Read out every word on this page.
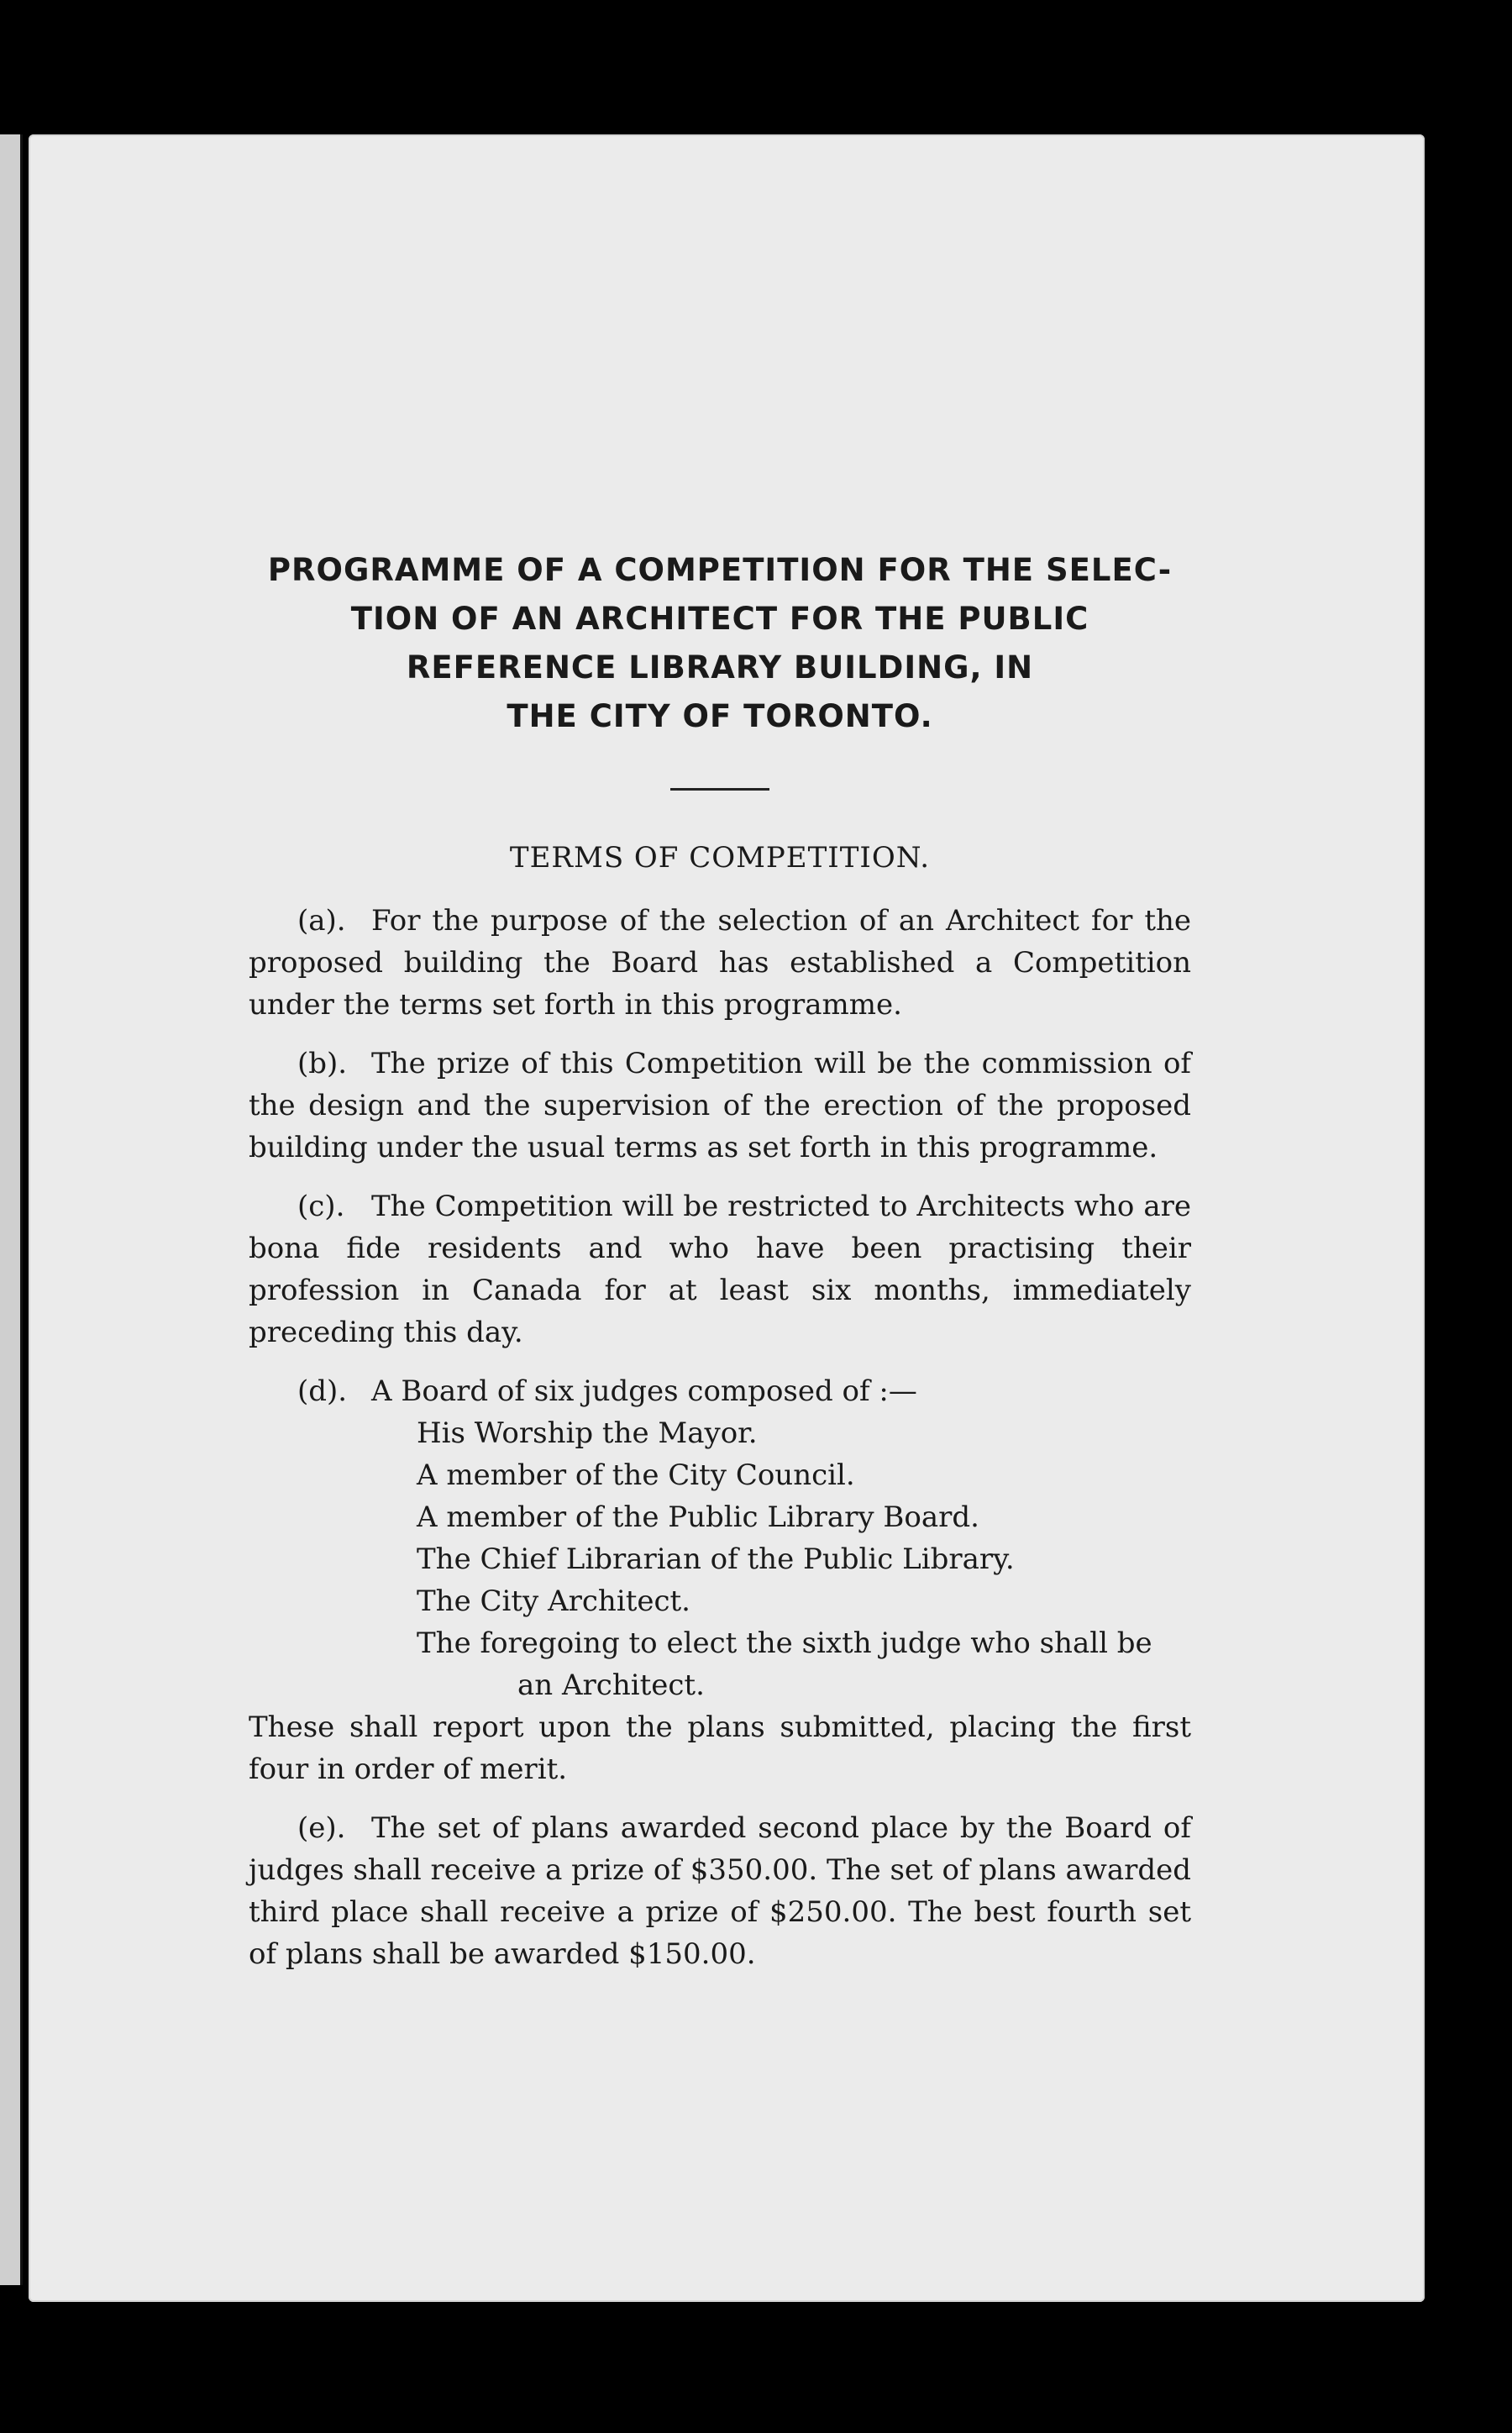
PROGRAMME OF A COMPETITION FOR THE SELEC-
TION OF AN ARCHITECT FOR THE PUBLIC
REFERENCE LIBRARY BUILDING, IN
THE CITY OF TORONTO.

TERMS OF COMPETITION.

(a). For the purpose of the selection of an Architect for the proposed building the Board has established a Competition under the terms set forth in this programme.

(b). The prize of this Competition will be the commission of the design and the supervision of the erection of the proposed building under the usual terms as set forth in this programme.

(c). The Competition will be restricted to Architects who are bona fide residents and who have been practising their profession in Canada for at least six months, immediately preceding this day.

(d). A Board of six judges composed of :—
His Worship the Mayor.
A member of the City Council.
A member of the Public Library Board.
The Chief Librarian of the Public Library.
The City Architect.
The foregoing to elect the sixth judge who shall be an Architect.

These shall report upon the plans submitted, placing the first four in order of merit.

(e). The set of plans awarded second place by the Board of judges shall receive a prize of $350.00. The set of plans awarded third place shall receive a prize of $250.00. The best fourth set of plans shall be awarded $150.00.
